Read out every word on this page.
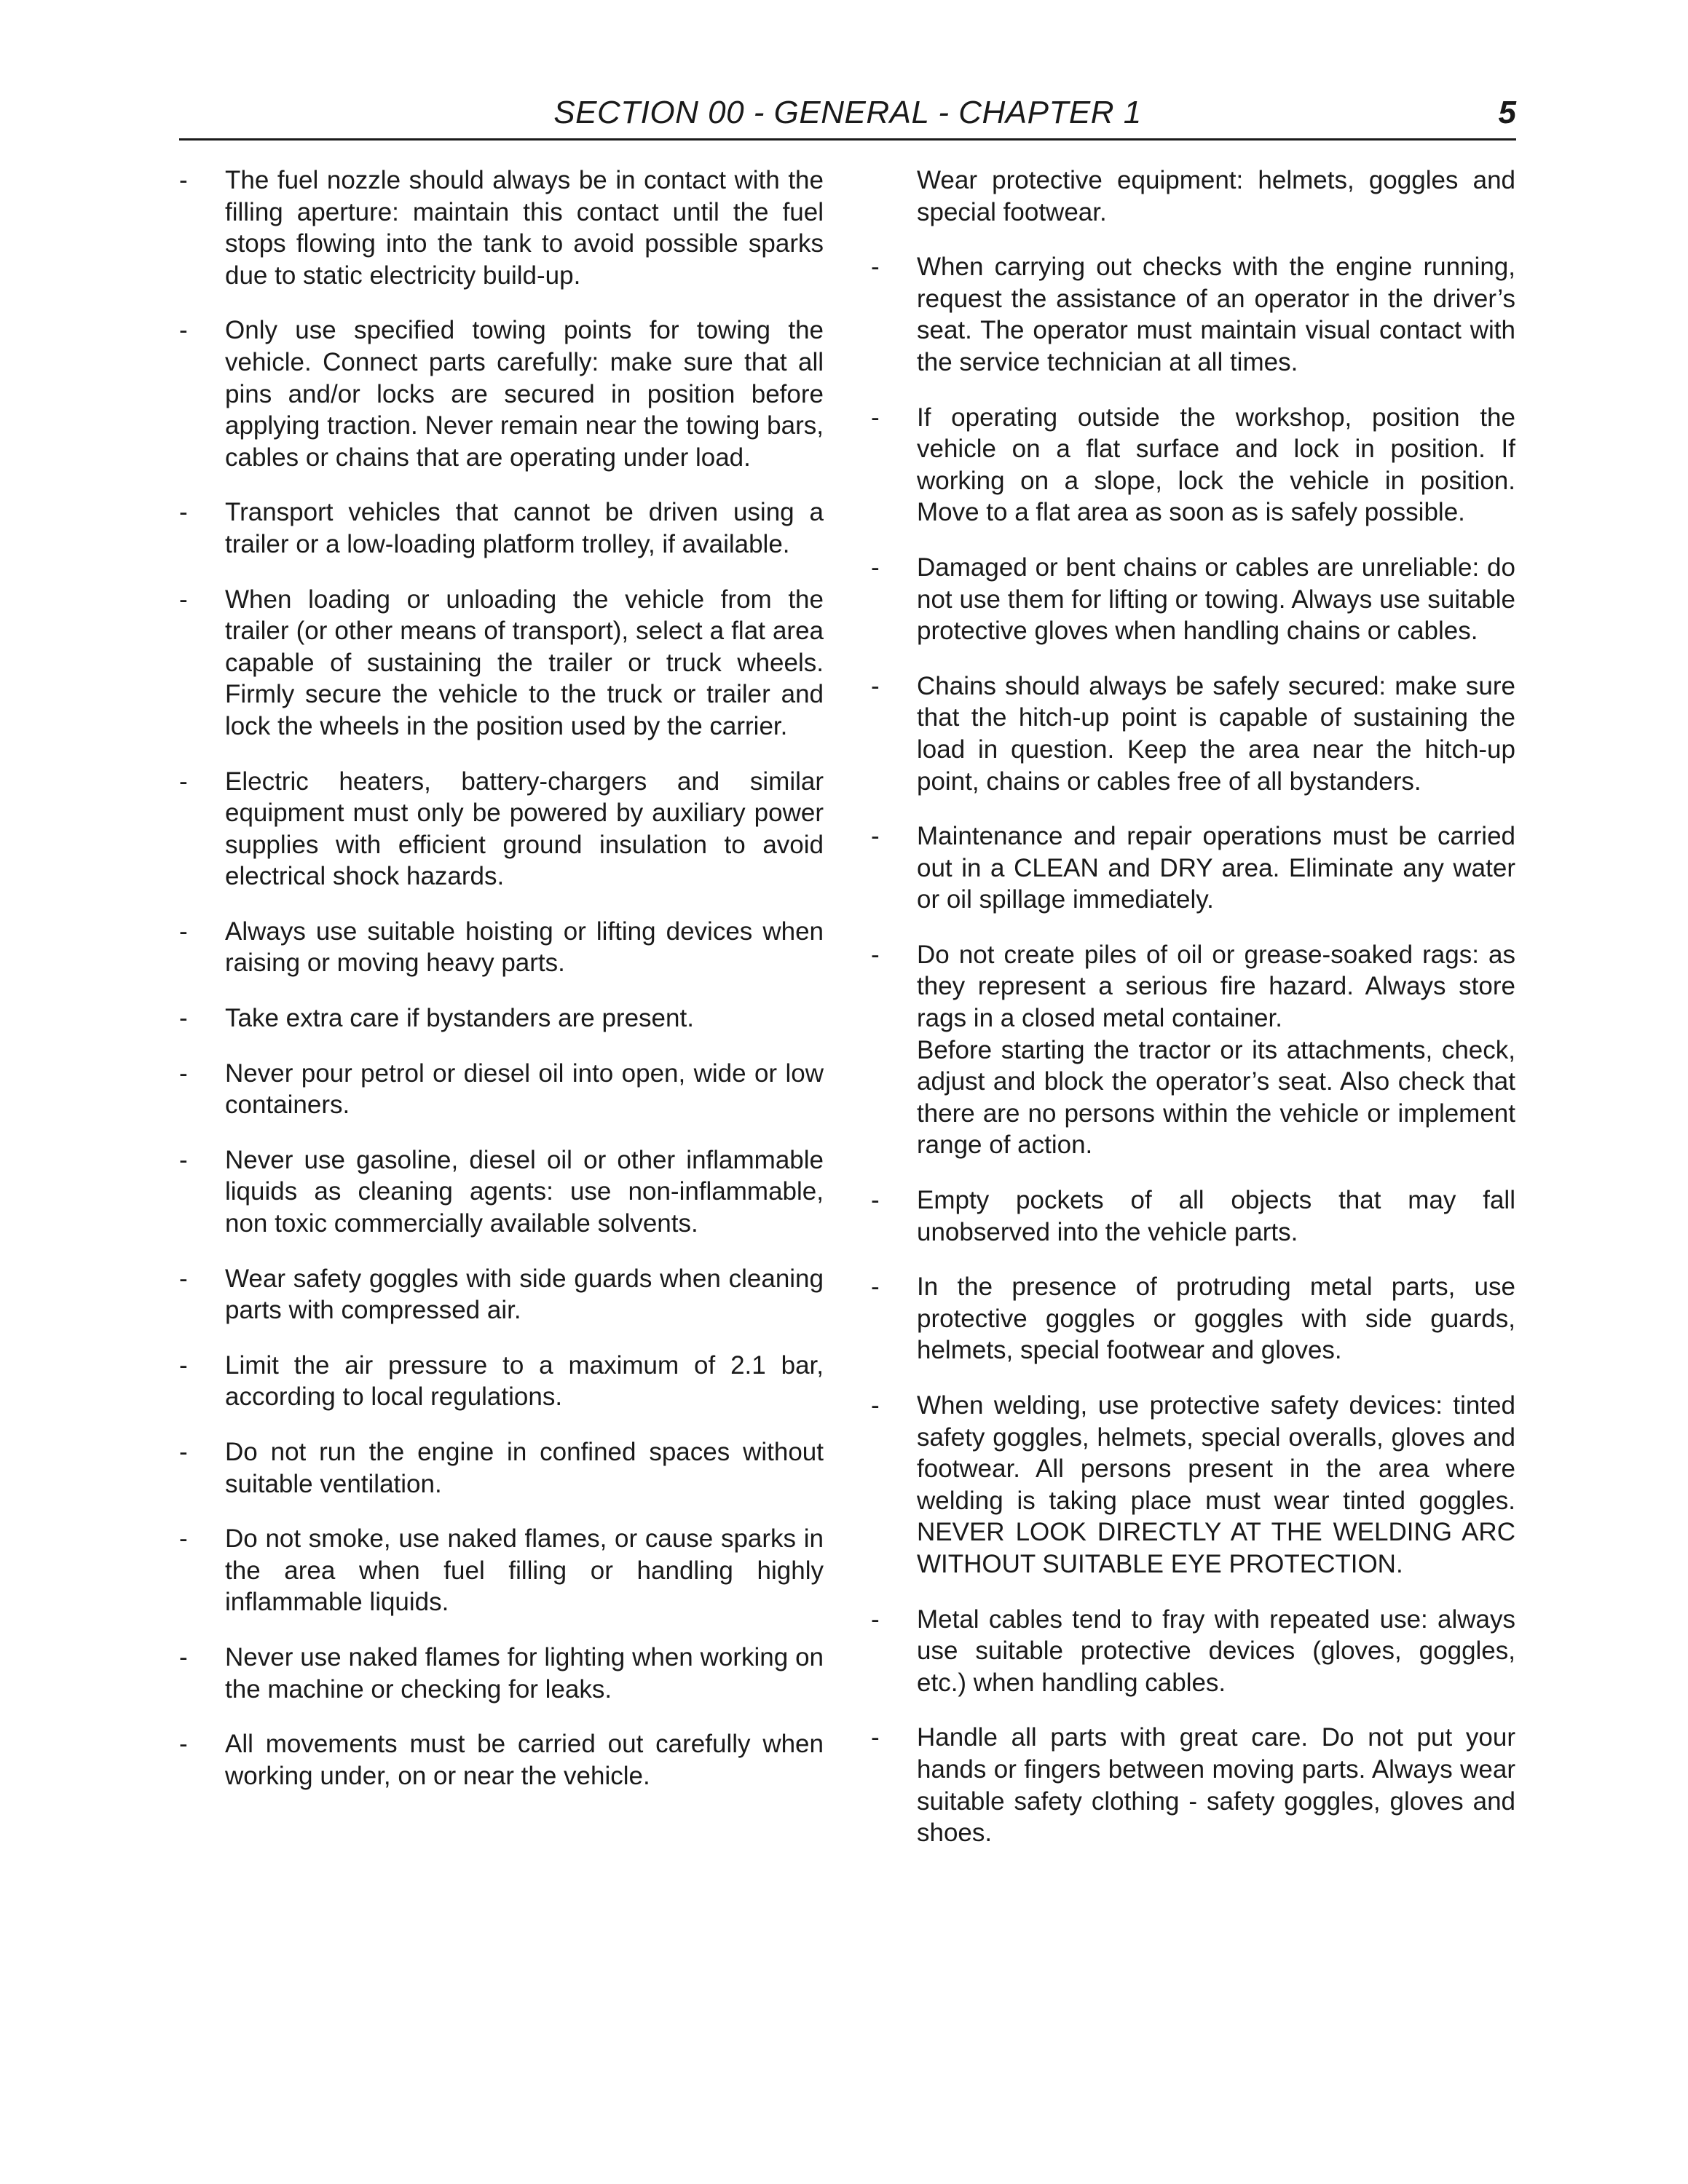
SECTION 00 - GENERAL - CHAPTER 1	5
- The fuel nozzle should always be in contact with the filling aperture: maintain this contact until the fuel stops flowing into the tank to avoid possible sparks due to static electricity build-up.
- Only use specified towing points for towing the vehicle. Connect parts carefully: make sure that all pins and/or locks are secured in position before applying traction. Never remain near the towing bars, cables or chains that are operating under load.
- Transport vehicles that cannot be driven using a trailer or a low-loading platform trolley, if available.
- When loading or unloading the vehicle from the trailer (or other means of transport), select a flat area capable of sustaining the trailer or truck wheels. Firmly secure the vehicle to the truck or trailer and lock the wheels in the position used by the carrier.
- Electric heaters, battery-chargers and similar equipment must only be powered by auxiliary power supplies with efficient ground insulation to avoid electrical shock hazards.
- Always use suitable hoisting or lifting devices when raising or moving heavy parts.
- Take extra care if bystanders are present.
- Never pour petrol or diesel oil into open, wide or low containers.
- Never use gasoline, diesel oil or other inflammable liquids as cleaning agents: use non-inflammable, non toxic commercially available solvents.
- Wear safety goggles with side guards when cleaning parts with compressed air.
- Limit the air pressure to a maximum of 2.1 bar, according to local regulations.
- Do not run the engine in confined spaces without suitable ventilation.
- Do not smoke, use naked flames, or cause sparks in the area when fuel filling or handling highly inflammable liquids.
- Never use naked flames for lighting when working on the machine or checking for leaks.
- All movements must be carried out carefully when working under, on or near the vehicle.
Wear protective equipment: helmets, goggles and special footwear.
- When carrying out checks with the engine running, request the assistance of an operator in the driver’s seat. The operator must maintain visual contact with the service technician at all times.
- If operating outside the workshop, position the vehicle on a flat surface and lock in position. If working on a slope, lock the vehicle in position. Move to a flat area as soon as is safely possible.
- Damaged or bent chains or cables are unreliable: do not use them for lifting or towing. Always use suitable protective gloves when handling chains or cables.
- Chains should always be safely secured: make sure that the hitch-up point is capable of sustaining the load in question. Keep the area near the hitch-up point, chains or cables free of all bystanders.
- Maintenance and repair operations must be carried out in a CLEAN and DRY area. Eliminate any water or oil spillage immediately.
- Do not create piles of oil or grease-soaked rags: as they represent a serious fire hazard. Always store rags in a closed metal container.
Before starting the tractor or its attachments, check, adjust and block the operator’s seat. Also check that there are no persons within the vehicle or implement range of action.
- Empty pockets of all objects that may fall unobserved into the vehicle parts.
- In the presence of protruding metal parts, use protective goggles or goggles with side guards, helmets, special footwear and gloves.
- When welding, use protective safety devices: tinted safety goggles, helmets, special overalls, gloves and footwear. All persons present in the area where welding is taking place must wear tinted goggles. NEVER LOOK DIRECTLY AT THE WELDING ARC WITHOUT SUITABLE EYE PROTECTION.
- Metal cables tend to fray with repeated use: always use suitable protective devices (gloves, goggles, etc.) when handling cables.
- Handle all parts with great care. Do not put your hands or fingers between moving parts. Always wear suitable safety clothing - safety goggles, gloves and shoes.
